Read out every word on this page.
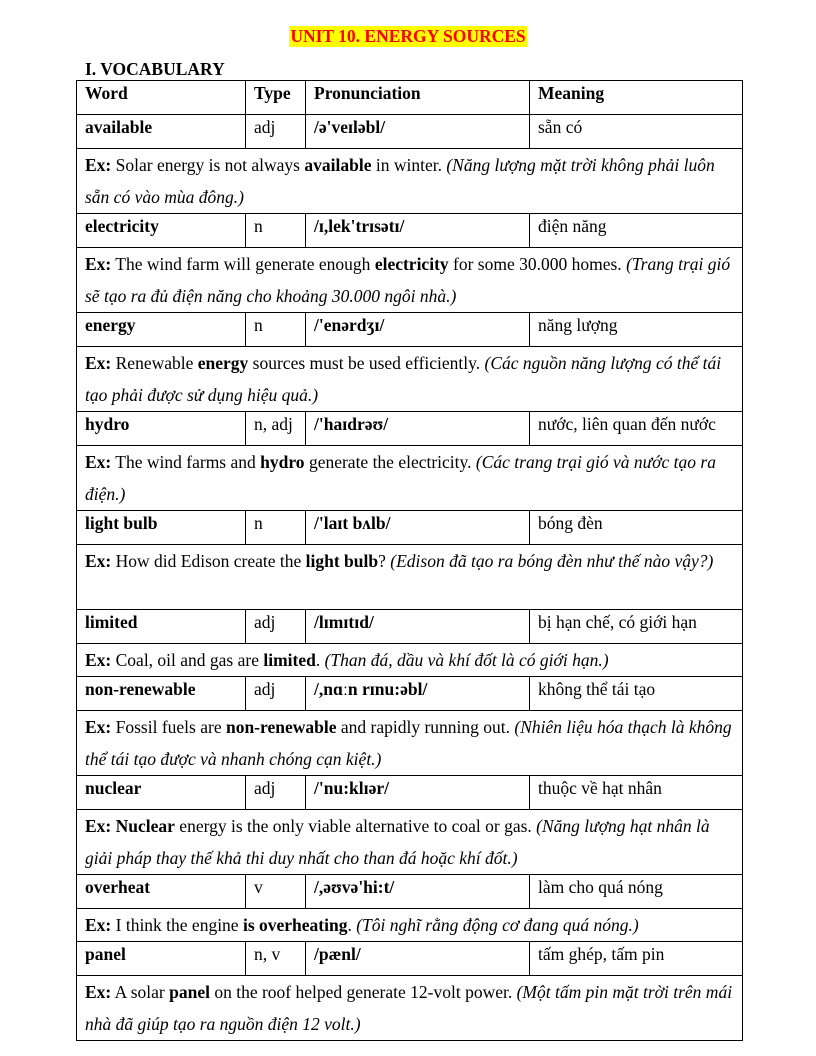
UNIT 10. ENERGY SOURCES
I. VOCABULARY
Word	Type	Pronunciation	Meaning
available	adj	/ə'veɪləbl/	sẵn có
Ex: Solar energy is not always available in winter. (Năng lượng mặt trời không phải luôn sẵn có vào mùa đông.)			
electricity	n	/ɪ,lek'trɪsətɪ/	điện năng
Ex: The wind farm will generate enough electricity for some 30.000 homes. (Trang trại gió sẽ tạo ra đủ điện năng cho khoảng 30.000 ngôi nhà.)			
energy	n	/'enərdʒɪ/	năng lượng
Ex: Renewable energy sources must be used efficiently. (Các nguồn năng lượng có thể tái tạo phải được sử dụng hiệu quả.)			
hydro	n, adj	/'haɪdrəʊ/	nước, liên quan đến nước
Ex: The wind farms and hydro generate the electricity. (Các trang trại gió và nước tạo ra điện.)			
light bulb	n	/'laɪt bʌlb/	bóng đèn
Ex: How did Edison create the light bulb? (Edison đã tạo ra bóng đèn như thế nào vậy?)			
limited	adj	/lɪmɪtɪd/	bị hạn chế, có giới hạn
Ex: Coal, oil and gas are limited. (Than đá, dầu và khí đốt là có giới hạn.)			
non-renewable	adj	/,nɑːn rɪnu:əbl/	không thể tái tạo
Ex: Fossil fuels are non-renewable and rapidly running out. (Nhiên liệu hóa thạch là không thể tái tạo được và nhanh chóng cạn kiệt.)			
nuclear	adj	/'nu:klɪər/	thuộc về hạt nhân
Ex: Nuclear energy is the only viable alternative to coal or gas. (Năng lượng hạt nhân là giải pháp thay thế khả thi duy nhất cho than đá hoặc khí đốt.)			
overheat	v	/,əʊvə'hi:t/	làm cho quá nóng
Ex: I think the engine is overheating. (Tôi nghĩ rằng động cơ đang quá nóng.)			
panel	n, v	/pænl/	tấm ghép, tấm pin
Ex: A solar panel on the roof helped generate 12-volt power. (Một tấm pin mặt trời trên mái nhà đã giúp tạo ra nguồn điện 12 volt.)			
